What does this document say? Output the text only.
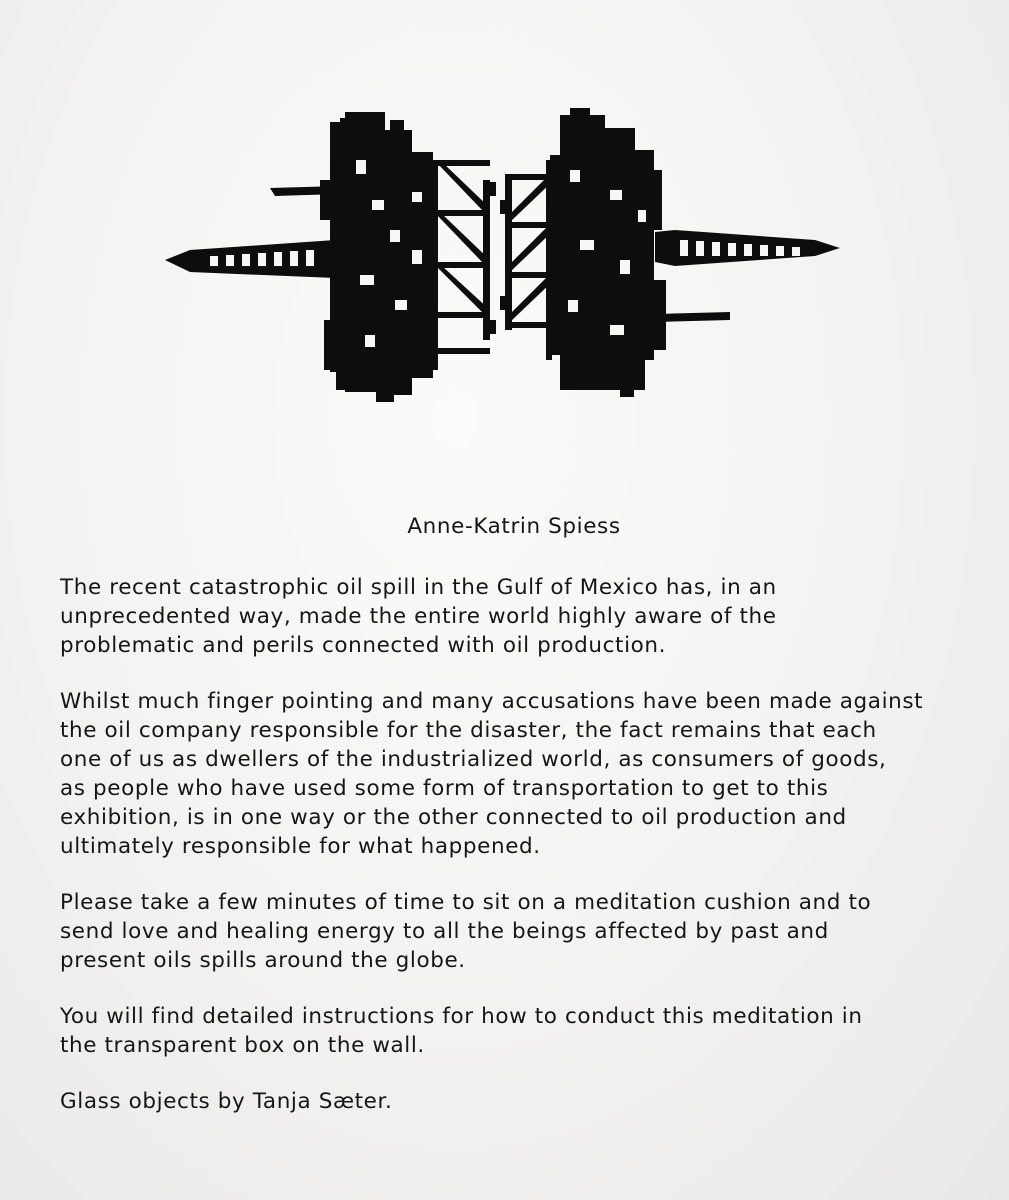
Anne-Katrin Spiess

The recent catastrophic oil spill in the Gulf of Mexico has, in an
unprecedented way, made the entire world highly aware of the
problematic and perils connected with oil production.

Whilst much finger pointing and many accusations have been made against
the oil company responsible for the disaster, the fact remains that each
one of us as dwellers of the industrialized world, as consumers of goods,
as people who have used some form of transportation to get to this
exhibition, is in one way or the other connected to oil production and
ultimately responsible for what happened.

Please take a few minutes of time to sit on a meditation cushion and to
send love and healing energy to all the beings affected by past and
present oils spills around the globe.

You will find detailed instructions for how to conduct this meditation in
the transparent box on the wall.

Glass objects by Tanja Sæter.
